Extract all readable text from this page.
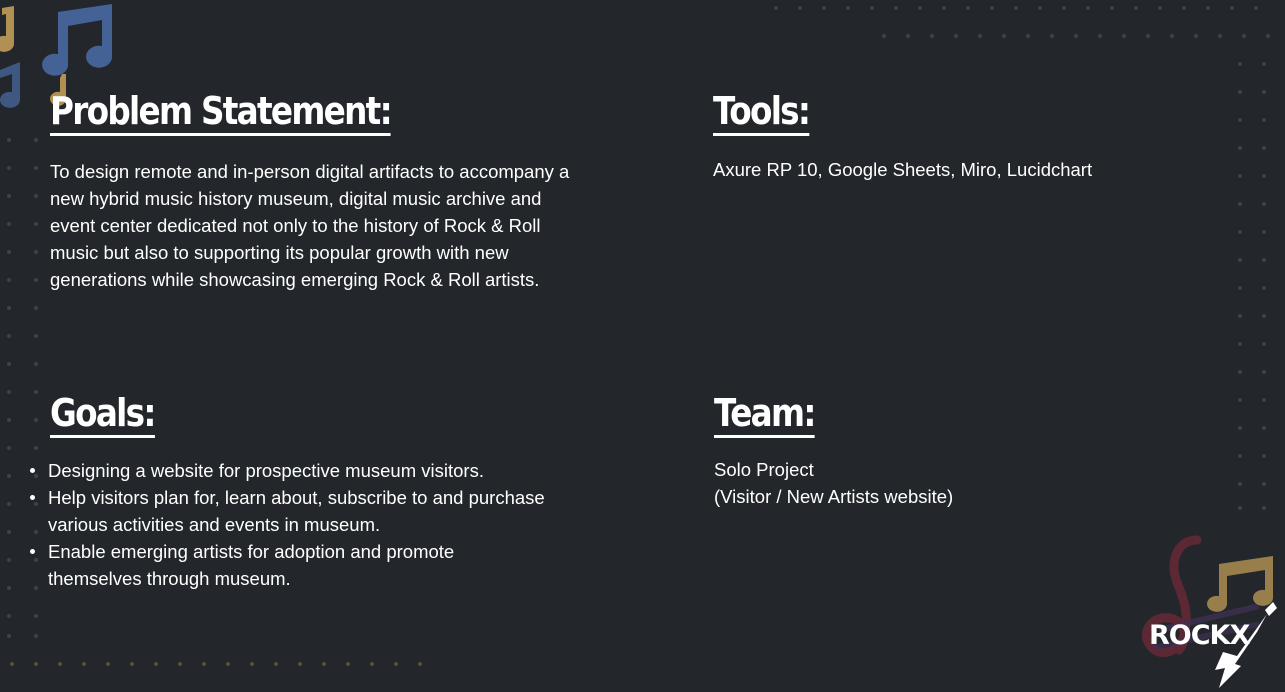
Problem Statement:

To design remote and in-person digital artifacts to accompany a new hybrid music history museum, digital music archive and event center dedicated not only to the history of Rock & Roll music but also to supporting its popular growth with new generations while showcasing emerging Rock & Roll artists.

Tools:

Axure RP 10, Google Sheets, Miro, Lucidchart

Goals:
Designing a website for prospective museum visitors.
Help visitors plan for, learn about, subscribe to and purchase various activities and events in museum.
Enable emerging artists for adoption and promote themselves through museum.
Team:

Solo Project

(Visitor / New Artists website)

ROCKX
